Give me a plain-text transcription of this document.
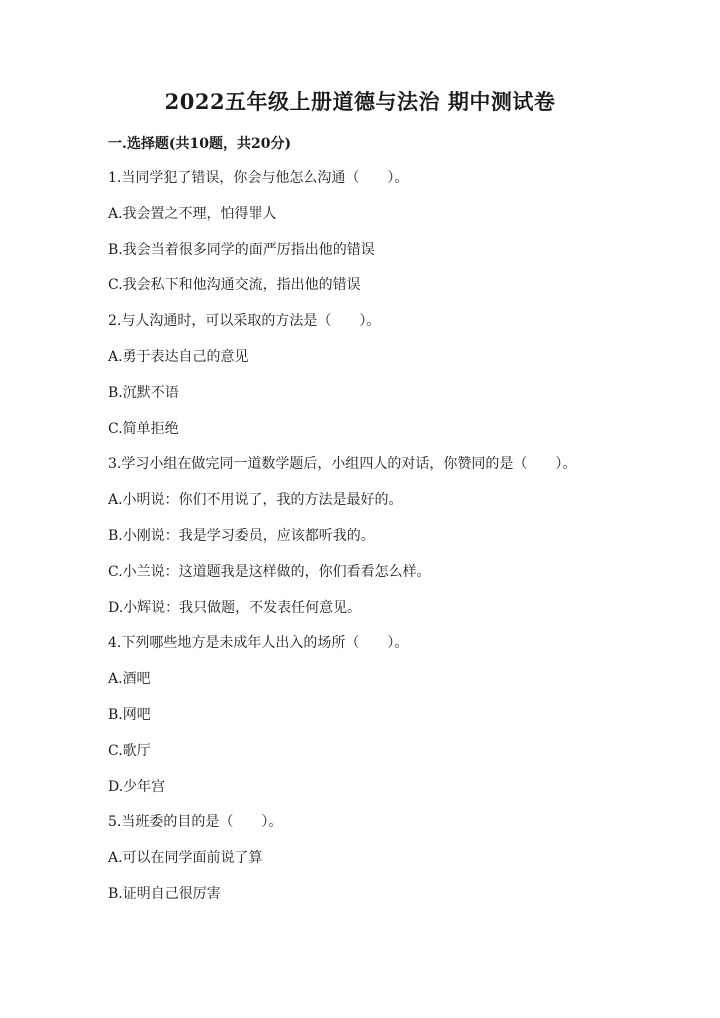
2022五年级上册道德与法治 期中测试卷
一.选择题(共10题，共20分)
1.当同学犯了错误，你会与他怎么沟通（　　）。
A.我会置之不理，怕得罪人
B.我会当着很多同学的面严厉指出他的错误
C.我会私下和他沟通交流，指出他的错误
2.与人沟通时，可以采取的方法是（　　）。
A.勇于表达自己的意见
B.沉默不语
C.简单拒绝
3.学习小组在做完同一道数学题后，小组四人的对话，你赞同的是（　　）。
A.小明说：你们不用说了，我的方法是最好的。
B.小刚说：我是学习委员，应该都听我的。
C.小兰说：这道题我是这样做的，你们看看怎么样。
D.小辉说：我只做题，不发表任何意见。
4.下列哪些地方是未成年人出入的场所（　　）。
A.酒吧
B.网吧
C.歌厅
D.少年宫
5.当班委的目的是（　　）。
A.可以在同学面前说了算
B.证明自己很厉害
